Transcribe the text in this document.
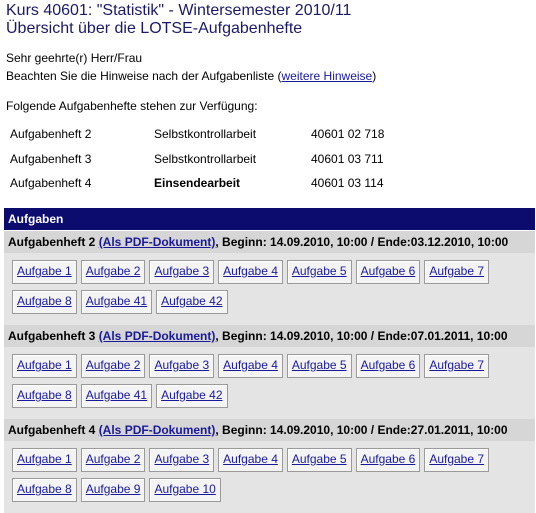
Kurs 40601: "Statistik" - Wintersemester 2010/11
Übersicht über die LOTSE-Aufgabenhefte
Sehr geehrte(r) Herr/Frau
Beachten Sie die Hinweise nach der Aufgabenliste (weitere Hinweise)
Folgende Aufgabenhefte stehen zur Verfügung:
Aufgabenheft 2	Selbstkontrollarbeit	40601 02 718
Aufgabenheft 3	Selbstkontrollarbeit	40601 03 711
Aufgabenheft 4	Einsendearbeit	40601 03 114
Aufgaben
Aufgabenheft 2 (Als PDF-Dokument), Beginn: 14.09.2010, 10:00 / Ende:03.12.2010, 10:00
Aufgabe 1	Aufgabe 2	Aufgabe 3	Aufgabe 4	Aufgabe 5	Aufgabe 6	Aufgabe 7
Aufgabe 8	Aufgabe 41	Aufgabe 42
Aufgabenheft 3 (Als PDF-Dokument), Beginn: 14.09.2010, 10:00 / Ende:07.01.2011, 10:00
Aufgabe 1	Aufgabe 2	Aufgabe 3	Aufgabe 4	Aufgabe 5	Aufgabe 6	Aufgabe 7
Aufgabe 8	Aufgabe 41	Aufgabe 42
Aufgabenheft 4 (Als PDF-Dokument), Beginn: 14.09.2010, 10:00 / Ende:27.01.2011, 10:00
Aufgabe 1	Aufgabe 2	Aufgabe 3	Aufgabe 4	Aufgabe 5	Aufgabe 6	Aufgabe 7
Aufgabe 8	Aufgabe 9	Aufgabe 10
